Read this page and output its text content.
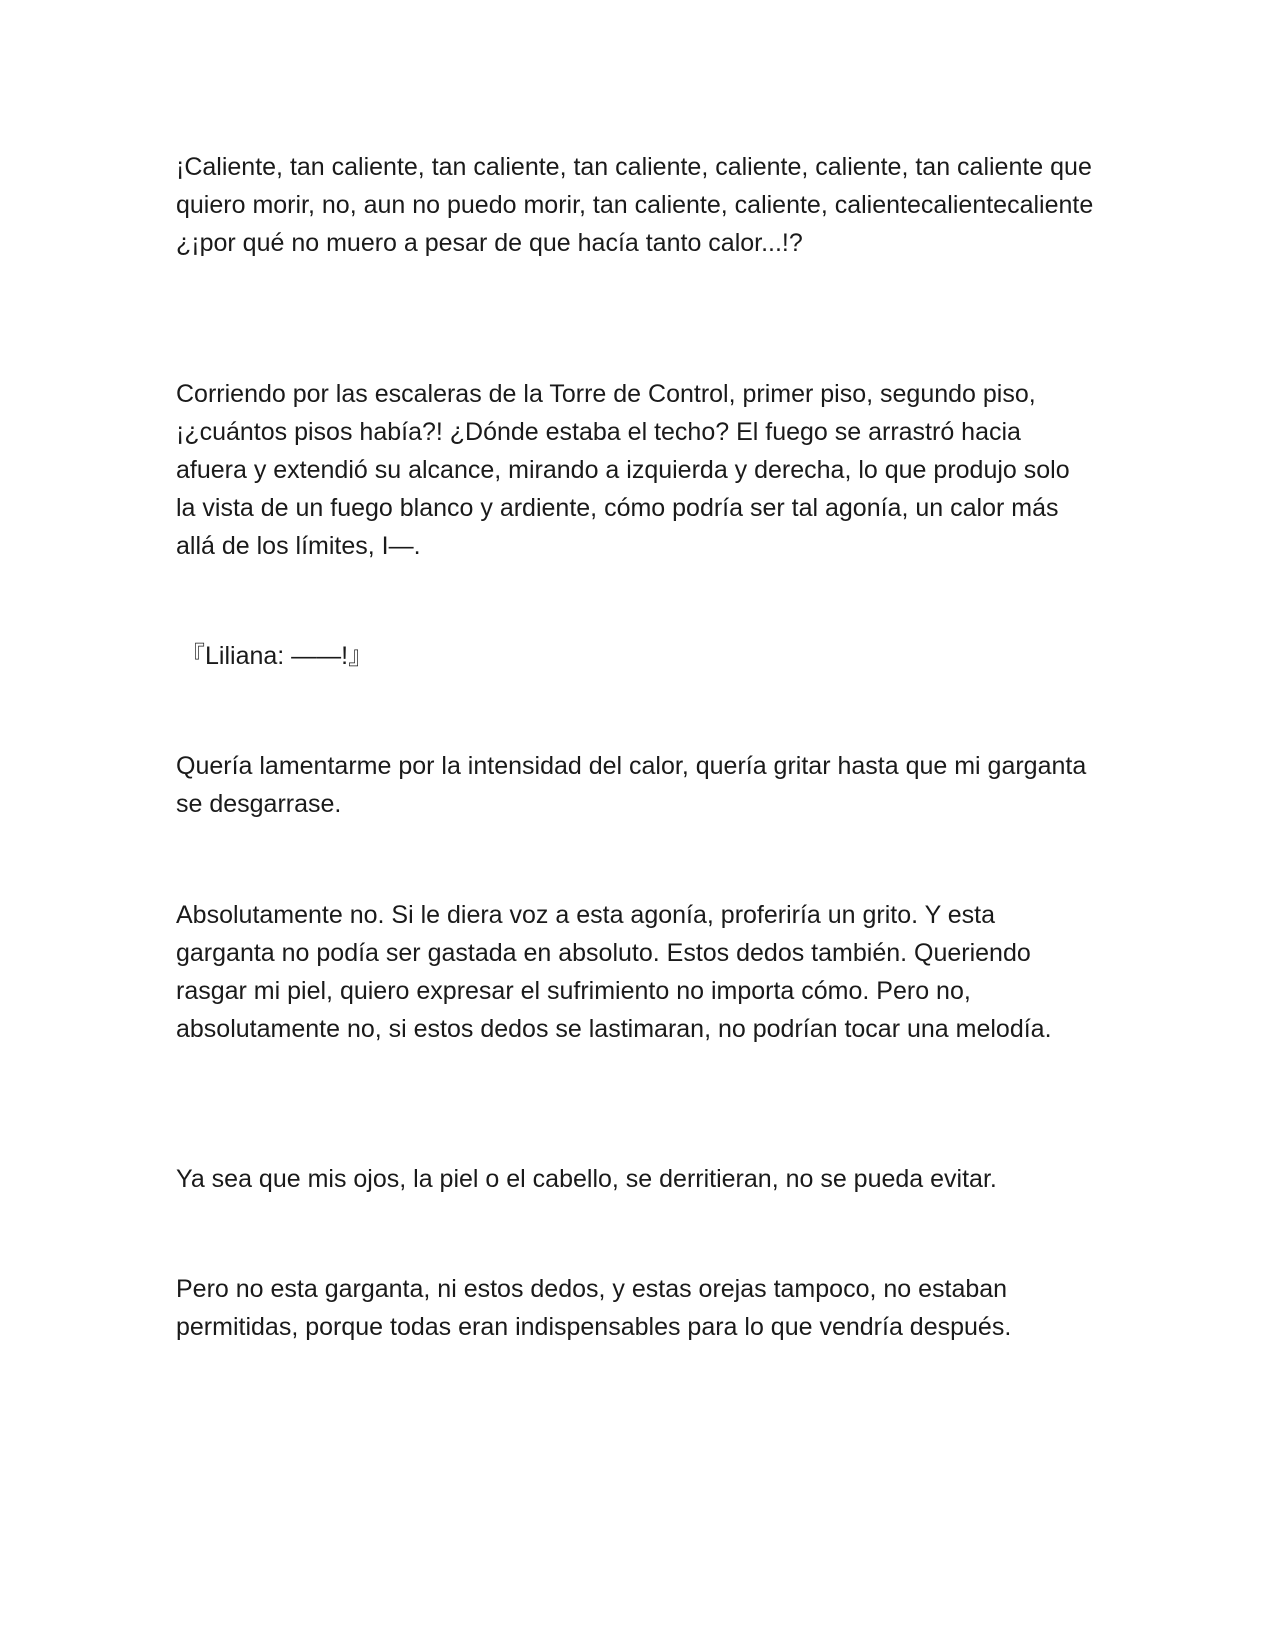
¡Caliente, tan caliente, tan caliente, tan caliente, caliente, caliente, tan caliente que quiero morir, no, aun no puedo morir, tan caliente, caliente, calientecalientecaliente ¿¡por qué no muero a pesar de que hacía tanto calor...!?

Corriendo por las escaleras de la Torre de Control, primer piso, segundo piso, ¡¿cuántos pisos había?! ¿Dónde estaba el techo? El fuego se arrastró hacia afuera y extendió su alcance, mirando a izquierda y derecha, lo que produjo solo la vista de un fuego blanco y ardiente, cómo podría ser tal agonía, un calor más allá de los límites, I—.

『Liliana: ——!』

Quería lamentarme por la intensidad del calor, quería gritar hasta que mi garganta se desgarrase.

Absolutamente no. Si le diera voz a esta agonía, proferiría un grito. Y esta garganta no podía ser gastada en absoluto. Estos dedos también. Queriendo rasgar mi piel, quiero expresar el sufrimiento no importa cómo. Pero no, absolutamente no, si estos dedos se lastimaran, no podrían tocar una melodía.

Ya sea que mis ojos, la piel o el cabello, se derritieran, no se pueda evitar.

Pero no esta garganta, ni estos dedos, y estas orejas tampoco, no estaban permitidas, porque todas eran indispensables para lo que vendría después.
